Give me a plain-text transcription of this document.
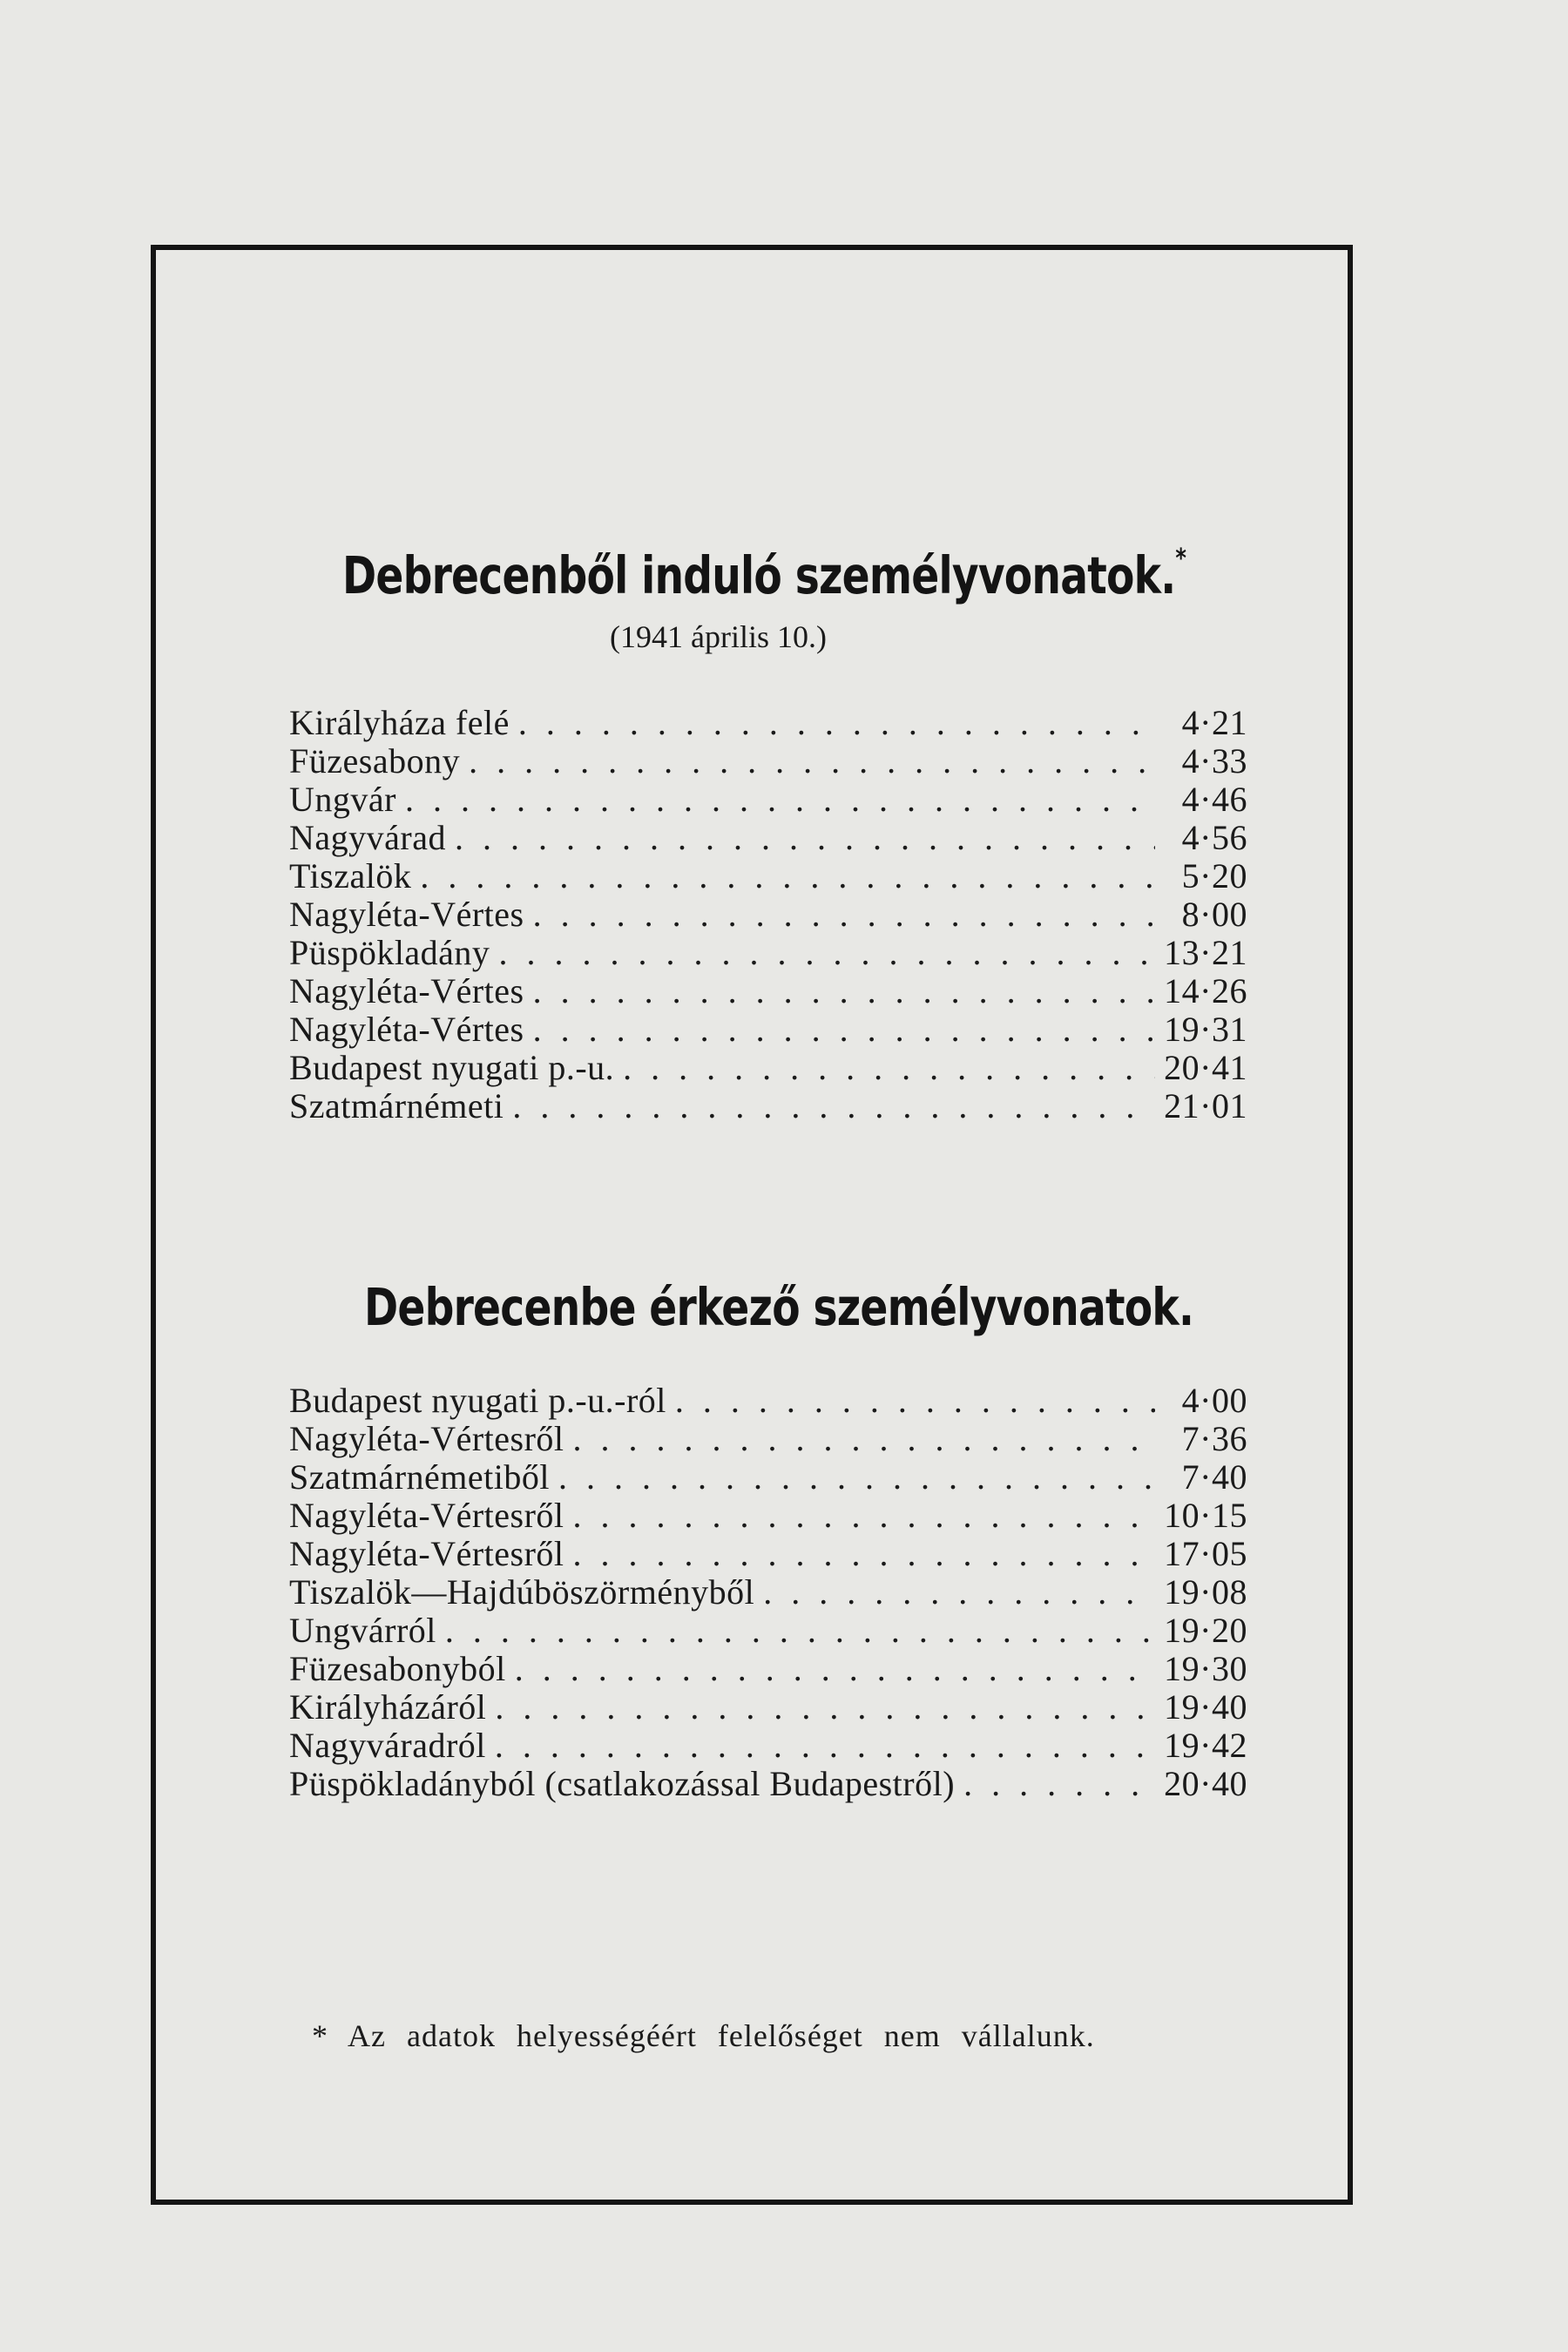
Debrecenből induló személyvonatok.*
(1941 április 10.)
Királyháza felé . . .	4·21
Füzesabony . . .	4·33
Ungvár . . .	4·46
Nagyvárad . . .	4·56
Tiszalök . . .	5·20
Nagyléta-Vértes . . .	8·00
Püspökladány . . .	13·21
Nagyléta-Vértes . . .	14·26
Nagyléta-Vértes . . .	19·31
Budapest nyugati p.-u. . . .	20·41
Szatmárnémeti . . .	21·01
Debrecenbe érkező személyvonatok.
Budapest nyugati p.-u.-ról . . .	4·00
Nagyléta-Vértesről . . .	7·36
Szatmárnémetiből . . .	7·40
Nagyléta-Vértesről . . .	10·15
Nagyléta-Vértesről . . .	17·05
Tiszalök—Hajdúböszörményből . . .	19·08
Ungvárról . . .	19·20
Füzesabonyból . . .	19·30
Királyházáról . . .	19·40
Nagyváradról . . .	19·42
Püspökladányból (csatlakozással Budapestről) . . .	20·40
* Az adatok helyességéért felelőséget nem vállalunk.
